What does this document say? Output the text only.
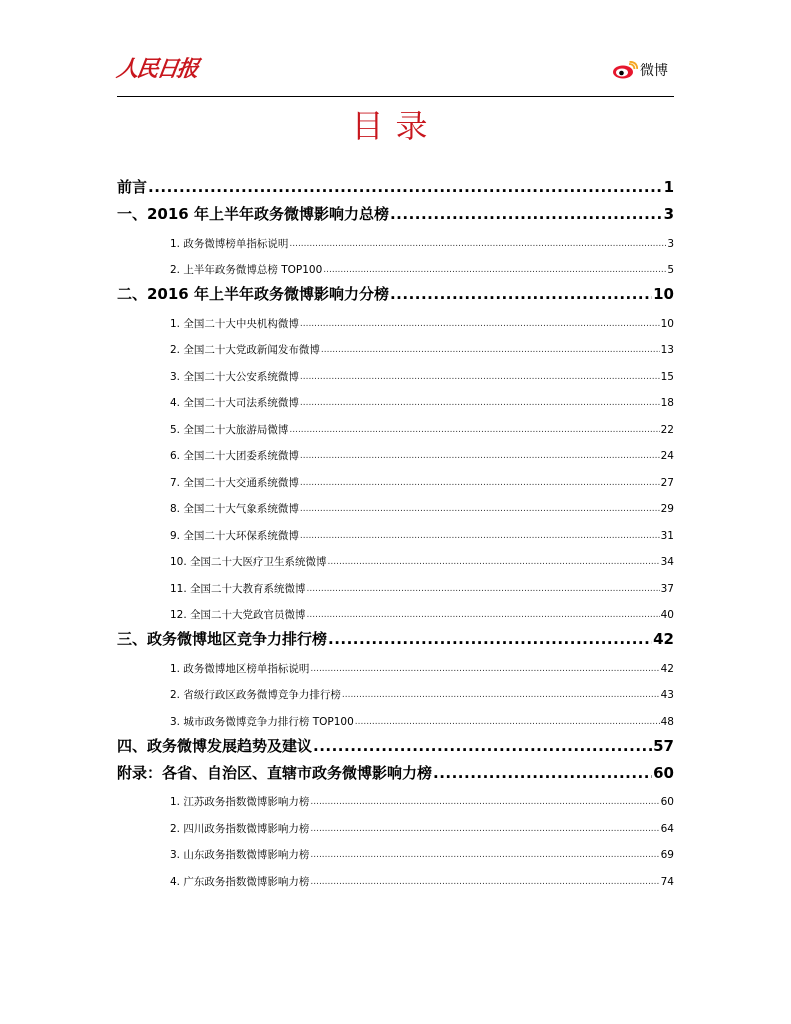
人民日报	微博
目录
前言 .....	1
一、2016 年上半年政务微博影响力总榜 .....	3
1. 政务微博榜单指标说明 .....	3
2. 上半年政务微博总榜 TOP100 .....	5
二、2016 年上半年政务微博影响力分榜 .....	10
1. 全国二十大中央机构微博 .....	10
2. 全国二十大党政新闻发布微博 .....	13
3. 全国二十大公安系统微博 .....	15
4. 全国二十大司法系统微博 .....	18
5. 全国二十大旅游局微博 .....	22
6. 全国二十大团委系统微博 .....	24
7. 全国二十大交通系统微博 .....	27
8. 全国二十大气象系统微博 .....	29
9. 全国二十大环保系统微博 .....	31
10. 全国二十大医疗卫生系统微博 .....	34
11. 全国二十大教育系统微博 .....	37
12. 全国二十大党政官员微博 .....	40
三、政务微博地区竞争力排行榜 .....	42
1. 政务微博地区榜单指标说明 .....	42
2. 省级行政区政务微博竞争力排行榜 .....	43
3. 城市政务微博竞争力排行榜 TOP100 .....	48
四、政务微博发展趋势及建议 .....	57
附录：各省、自治区、直辖市政务微博影响力榜 .....	60
1. 江苏政务指数微博影响力榜 .....	60
2. 四川政务指数微博影响力榜 .....	64
3. 山东政务指数微博影响力榜 .....	69
4. 广东政务指数微博影响力榜 .....	74
